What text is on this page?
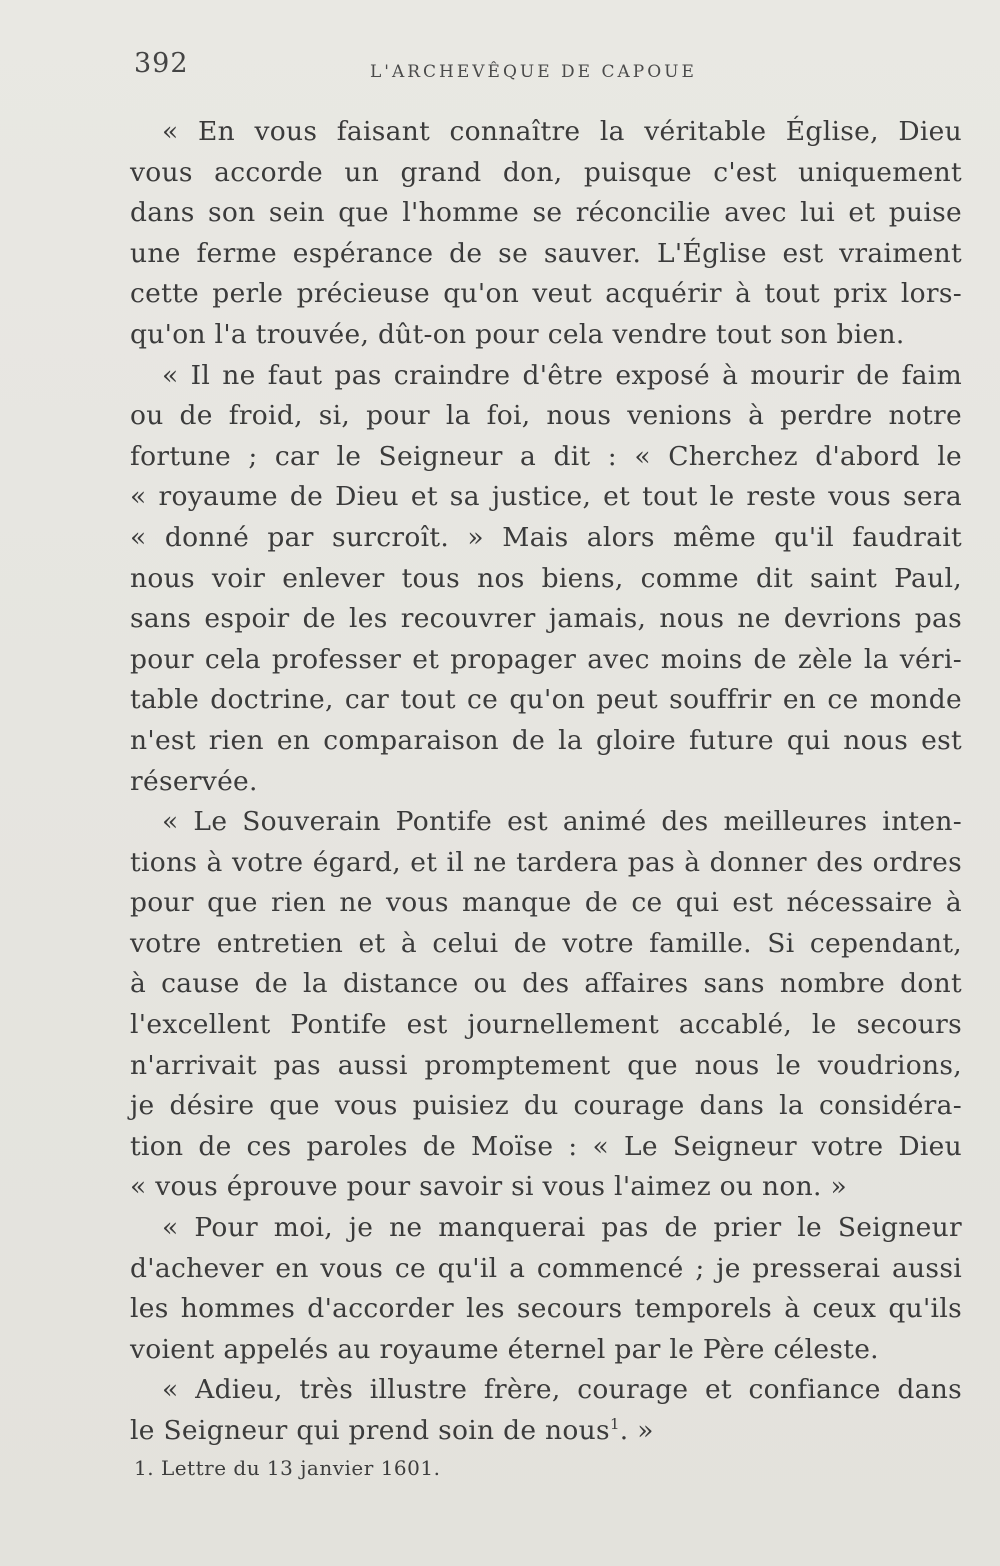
392	L'ARCHEVÊQUE DE CAPOUE

« En vous faisant connaître la véritable Église, Dieu
vous accorde un grand don, puisque c'est uniquement
dans son sein que l'homme se réconcilie avec lui et puise
une ferme espérance de se sauver. L'Église est vraiment
cette perle précieuse qu'on veut acquérir à tout prix lors-
qu'on l'a trouvée, dût-on pour cela vendre tout son bien.

« Il ne faut pas craindre d'être exposé à mourir de faim
ou de froid, si, pour la foi, nous venions à perdre notre
fortune ; car le Seigneur a dit : « Cherchez d'abord le
« royaume de Dieu et sa justice, et tout le reste vous sera
« donné par surcroît. » Mais alors même qu'il faudrait
nous voir enlever tous nos biens, comme dit saint Paul,
sans espoir de les recouvrer jamais, nous ne devrions pas
pour cela professer et propager avec moins de zèle la véri-
table doctrine, car tout ce qu'on peut souffrir en ce monde
n'est rien en comparaison de la gloire future qui nous est
réservée.

« Le Souverain Pontife est animé des meilleures inten-
tions à votre égard, et il ne tardera pas à donner des ordres
pour que rien ne vous manque de ce qui est nécessaire à
votre entretien et à celui de votre famille. Si cependant,
à cause de la distance ou des affaires sans nombre dont
l'excellent Pontife est journellement accablé, le secours
n'arrivait pas aussi promptement que nous le voudrions,
je désire que vous puisiez du courage dans la considéra-
tion de ces paroles de Moïse : « Le Seigneur votre Dieu
« vous éprouve pour savoir si vous l'aimez ou non. »

« Pour moi, je ne manquerai pas de prier le Seigneur
d'achever en vous ce qu'il a commencé ; je presserai aussi
les hommes d'accorder les secours temporels à ceux qu'ils
voient appelés au royaume éternel par le Père céleste.

« Adieu, très illustre frère, courage et confiance dans
le Seigneur qui prend soin de nous$^1$. »

1. Lettre du 13 janvier 1601.
